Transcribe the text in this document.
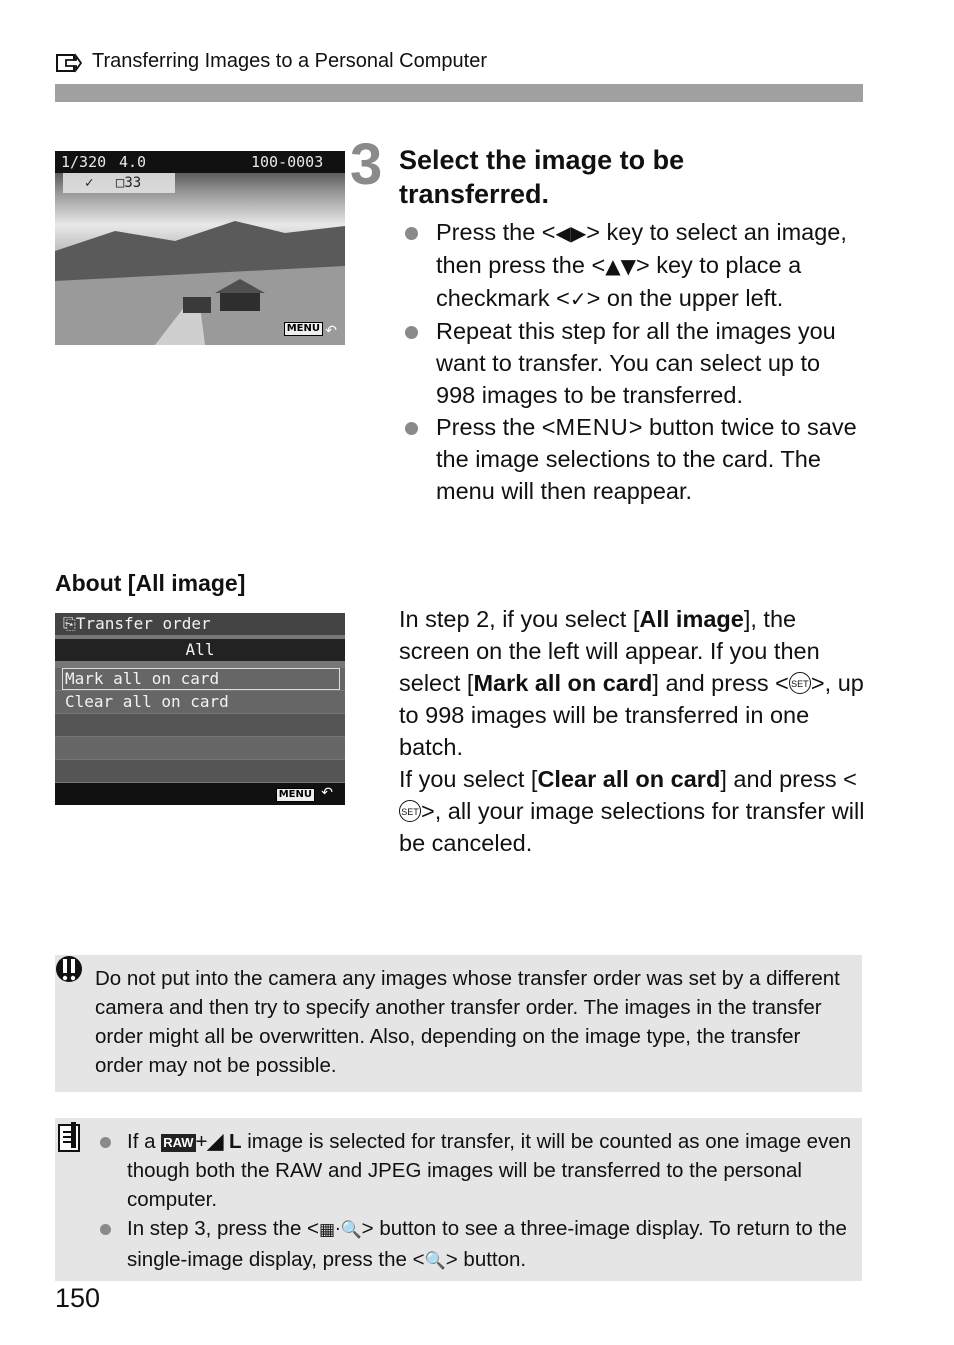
Transferring Images to a Personal Computer
1/320 4.0	100-0003
✓ □33
MENU ↶
3 Select the image to be transferred.
Press the <◀▶> key to select an image, then press the <▲▼> key to place a checkmark <✓> on the upper left.
Repeat this step for all the images you want to transfer. You can select up to 998 images to be transferred.
Press the <MENU> button twice to save the image selections to the card. The menu will then reappear.
About [All image]
⎘Transfer order
All
Mark all on card
Clear all on card
MENU ↶
In step 2, if you select [All image], the screen on the left will appear. If you then select [Mark all on card] and press < SET>, up to 998 images will be transferred in one batch.
If you select [Clear all on card] and press <SET>, all your image selections for transfer will be canceled.
Do not put into the camera any images whose transfer order was set by a different camera and then try to specify another transfer order. The images in the transfer order might all be overwritten. Also, depending on the image type, the transfer order may not be possible.
If a RAW+◢ L image is selected for transfer, it will be counted as one image even though both the RAW and JPEG images will be transferred to the personal computer.
In step 3, press the <▦·🔍> button to see a three-image display. To return to the single-image display, press the <🔍> button.
150
